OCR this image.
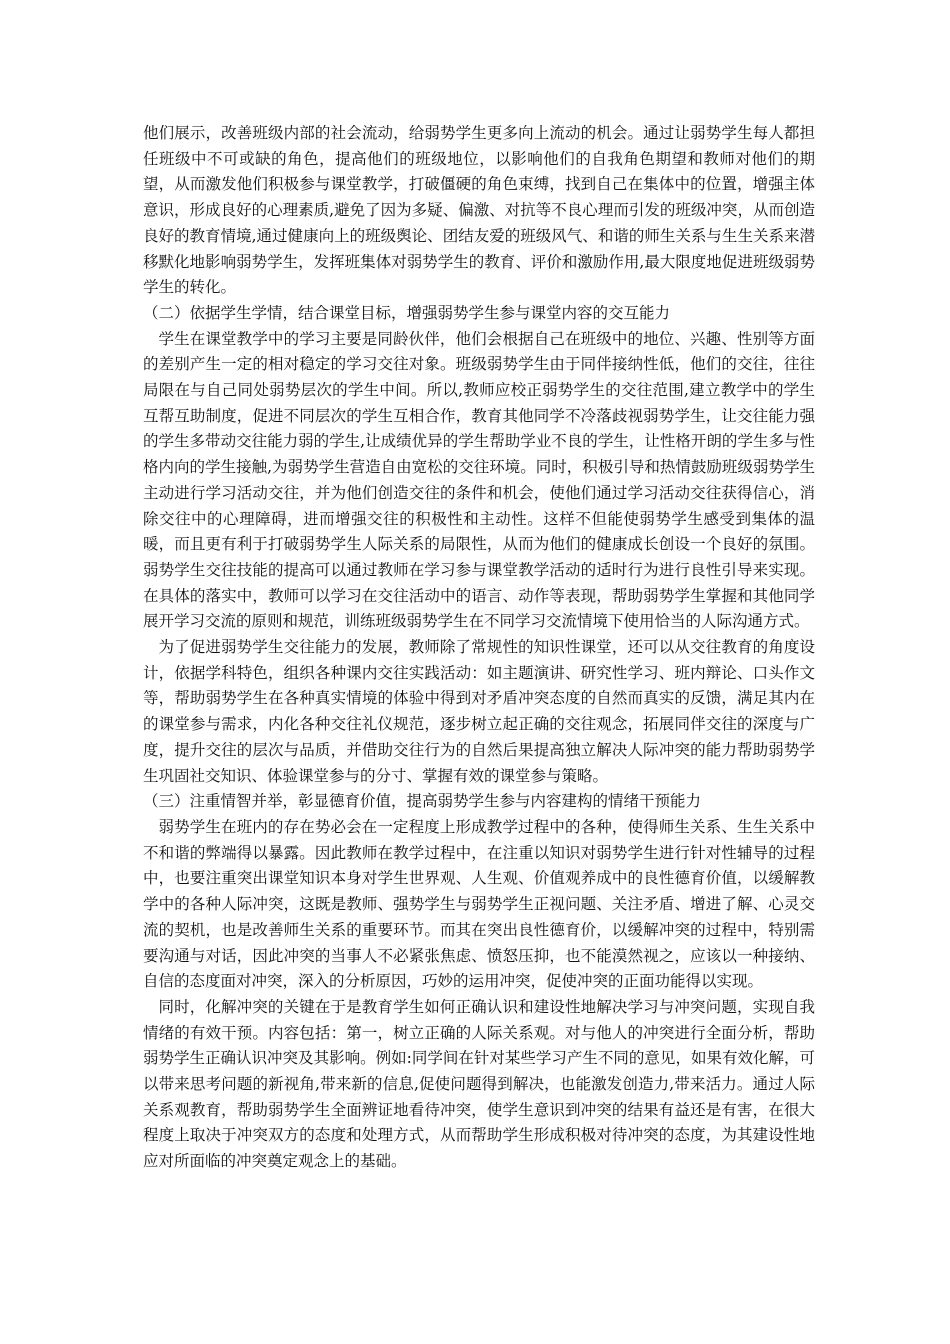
他们展示，改善班级内部的社会流动，给弱势学生更多向上流动的机会。通过让弱势学生每人都担任班级中不可或缺的角色，提高他们的班级地位，以影响他们的自我角色期望和教师对他们的期望，从而激发他们积极参与课堂教学，打破僵硬的角色束缚，找到自己在集体中的位置，增强主体意识，形成良好的心理素质,避免了因为多疑、偏激、对抗等不良心理而引发的班级冲突，从而创造良好的教育情境,通过健康向上的班级舆论、团结友爱的班级风气、和谐的师生关系与生生关系来潜移默化地影响弱势学生，发挥班集体对弱势学生的教育、评价和激励作用,最大限度地促进班级弱势学生的转化。

（二）依据学生学情，结合课堂目标，增强弱势学生参与课堂内容的交互能力

学生在课堂教学中的学习主要是同龄伙伴，他们会根据自己在班级中的地位、兴趣、性别等方面的差别产生一定的相对稳定的学习交往对象。班级弱势学生由于同伴接纳性低，他们的交往，往往局限在与自己同处弱势层次的学生中间。所以,教师应校正弱势学生的交往范围,建立教学中的学生互帮互助制度，促进不同层次的学生互相合作，教育其他同学不冷落歧视弱势学生，让交往能力强的学生多带动交往能力弱的学生,让成绩优异的学生帮助学业不良的学生，让性格开朗的学生多与性格内向的学生接触,为弱势学生营造自由宽松的交往环境。同时，积极引导和热情鼓励班级弱势学生主动进行学习活动交往，并为他们创造交往的条件和机会，使他们通过学习活动交往获得信心，消除交往中的心理障碍，进而增强交往的积极性和主动性。这样不但能使弱势学生感受到集体的温暖，而且更有利于打破弱势学生人际关系的局限性，从而为他们的健康成长创设一个良好的氛围。弱势学生交往技能的提高可以通过教师在学习参与课堂教学活动的适时行为进行良性引导来实现。在具体的落实中，教师可以学习在交往活动中的语言、动作等表现，帮助弱势学生掌握和其他同学展开学习交流的原则和规范，训练班级弱势学生在不同学习交流情境下使用恰当的人际沟通方式。

为了促进弱势学生交往能力的发展，教师除了常规性的知识性课堂，还可以从交往教育的角度设计，依据学科特色，组织各种课内交往实践活动：如主题演讲、研究性学习、班内辩论、口头作文等，帮助弱势学生在各种真实情境的体验中得到对矛盾冲突态度的自然而真实的反馈，满足其内在的课堂参与需求，内化各种交往礼仪规范，逐步树立起正确的交往观念，拓展同伴交往的深度与广度，提升交往的层次与品质，并借助交往行为的自然后果提高独立解决人际冲突的能力帮助弱势学生巩固社交知识、体验课堂参与的分寸、掌握有效的课堂参与策略。

（三）注重情智并举，彰显德育价值，提高弱势学生参与内容建构的情绪干预能力

弱势学生在班内的存在势必会在一定程度上形成教学过程中的各种，使得师生关系、生生关系中不和谐的弊端得以暴露。因此教师在教学过程中，在注重以知识对弱势学生进行针对性辅导的过程中，也要注重突出课堂知识本身对学生世界观、人生观、价值观养成中的良性德育价值，以缓解教学中的各种人际冲突，这既是教师、强势学生与弱势学生正视问题、关注矛盾、增进了解、心灵交流的契机，也是改善师生关系的重要环节。而其在突出良性德育价，以缓解冲突的过程中，特别需要沟通与对话，因此冲突的当事人不必紧张焦虑、愤怒压抑，也不能漠然视之，应该以一种接纳、自信的态度面对冲突，深入的分析原因，巧妙的运用冲突，促使冲突的正面功能得以实现。

同时，化解冲突的关键在于是教育学生如何正确认识和建设性地解决学习与冲突问题，实现自我情绪的有效干预。内容包括：第一，树立正确的人际关系观。对与他人的冲突进行全面分析，帮助弱势学生正确认识冲突及其影响。例如:同学间在针对某些学习产生不同的意见，如果有效化解，可以带来思考问题的新视角,带来新的信息,促使问题得到解决，也能激发创造力,带来活力。通过人际关系观教育，帮助弱势学生全面辨证地看待冲突，使学生意识到冲突的结果有益还是有害，在很大程度上取决于冲突双方的态度和处理方式，从而帮助学生形成积极对待冲突的态度，为其建设性地应对所面临的冲突奠定观念上的基础。
